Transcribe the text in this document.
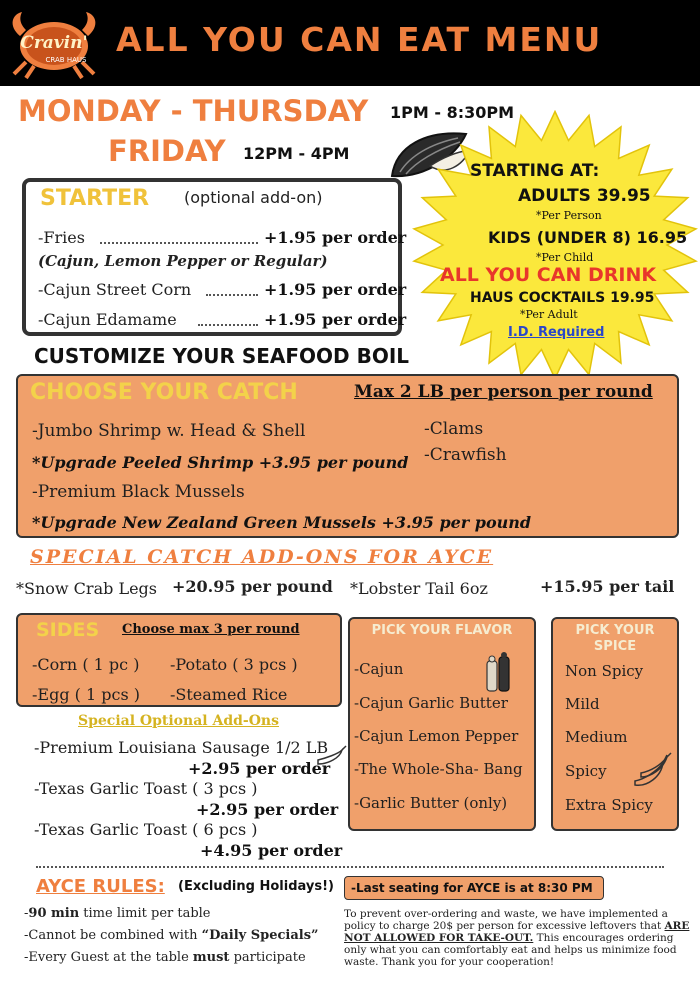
Cravin'
CRAB HAUS
ALL YOU CAN EAT MENU
MONDAY - THURSDAY 1PM - 8:30PM
FRIDAY 12PM - 4PM
STARTING AT:
ADULTS 39.95
*Per Person
KIDS (UNDER 8) 16.95
*Per Child
ALL YOU CAN DRINK
HAUS COCKTAILS 19.95
*Per Adult
I.D. Required
STARTER (optional add-on)
-Fries	+1.95 per order
(Cajun, Lemon Pepper or Regular)
-Cajun Street Corn	+1.95 per order
-Cajun Edamame	+1.95 per order
CUSTOMIZE YOUR SEAFOOD BOIL
CHOOSE YOUR CATCH	Max 2 LB per person per round
-Jumbo Shrimp w. Head & Shell
*Upgrade Peeled Shrimp +3.95 per pound
-Premium Black Mussels
*Upgrade New Zealand Green Mussels +3.95 per pound
-Clams
-Crawfish
SPECIAL CATCH ADD-ONS FOR AYCE
*Snow Crab Legs +20.95 per pound *Lobster Tail 6oz	+15.95 per tail
SIDES Choose max 3 per round
-Corn ( 1 pc ) -Potato ( 3 pcs )
-Egg ( 1 pcs ) -Steamed Rice
Special Optional Add-Ons
-Premium Louisiana Sausage 1/2 LB
+2.95 per order
-Texas Garlic Toast ( 3 pcs )
+2.95 per order
-Texas Garlic Toast ( 6 pcs )
+4.95 per order
PICK YOUR FLAVOR
-Cajun
-Cajun Garlic Butter
-Cajun Lemon Pepper
-The Whole-Sha- Bang
-Garlic Butter (only)
PICK YOUR
SPICE
Non Spicy
Mild
Medium
Spicy
Extra Spicy
AYCE RULES: (Excluding Holidays!)
-90 min time limit per table
-Cannot be combined with “Daily Specials”
-Every Guest at the table must participate
-Last seating for AYCE is at 8:30 PM
To prevent over-ordering and waste, we have implemented a policy to charge 20$ per person for excessive leftovers that ARE NOT ALLOWED FOR TAKE-OUT. This encourages ordering only what you can comfortably eat and helps us minimize food waste. Thank you for your cooperation!
